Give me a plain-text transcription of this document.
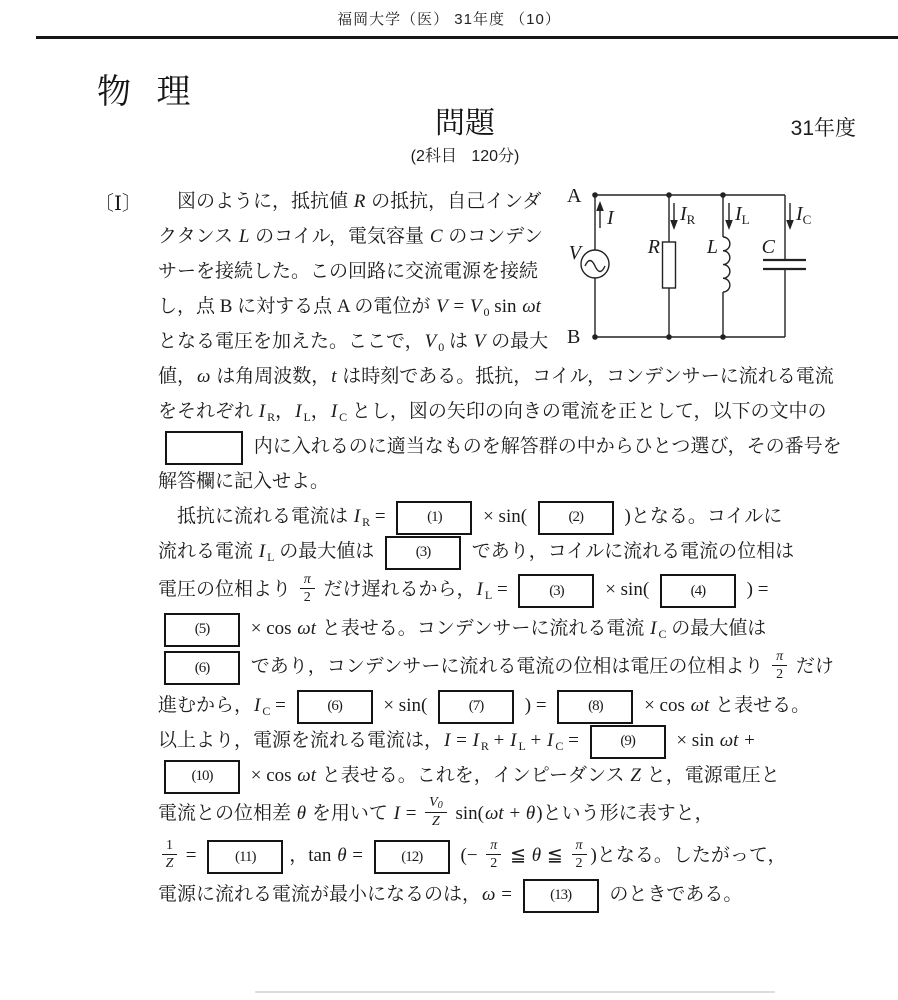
福岡大学（医） 31年度 （10）
物 理
問題	31年度
(2科目 120分)
〔Ⅰ〕	図のように，抵抗値 R の抵抗，自己インダ
クタンス L のコイル，電気容量 C のコンデン
サーを接続した。この回路に交流電源を接続
し，点 B に対する点 A の電位が V = V $_0$ sin ωt
となる電圧を加えた。ここで，V $_0$ は V の最大
値，ω は角周波数，t は時刻である。抵抗，コイル，コンデンサーに流れる電流
をそれぞれ I $_R$，I $_L$，I $_C$ とし，図の矢印の向きの電流を正として，以下の文中の
内に入れるのに適当なものを解答群の中からひとつ選び，その番号を
解答欄に記入せよ。
抵抗に流れる電流は I $_R$ = (1) × sin( (2) )となる。コイルに
流れる電流 I $_L$ の最大値は (3) であり，コイルに流れる電流の位相は
電圧の位相より $\frac{\pi}{2}$ だけ遅れるから，I $_L$ = (3) × sin( (4) ) =
(5) × cos ωt と表せる。コンデンサーに流れる電流 I $_C$ の最大値は
(6) であり，コンデンサーに流れる電流の位相は電圧の位相より $\frac{\pi}{2}$ だけ
進むから，I $_C$ = (6) × sin( (7) ) = (8) × cos ωt と表せる。
以上より，電源を流れる電流は，I = I $_R$ + I $_L$ + I $_C$ = (9) × sin ωt +
(10) × cos ωt と表せる。これを，インピーダンス Z と，電源電圧と
電流との位相差 θ を用いて $I = \frac{V0}{Z} \sin(\omega t + \theta)$という形に表すと，
$\frac{1}{Z} = (11)$ ，tan θ = (12) (− $\frac{\pi}{2}$ ≦ θ ≦ $\frac{\pi}{2}$ )となる。したがって，
電源に流れる電流が最小になるのは，ω = (13) のときである。
A
B
V	R L C
I	$I_R$ $I_L$ $I_C$
